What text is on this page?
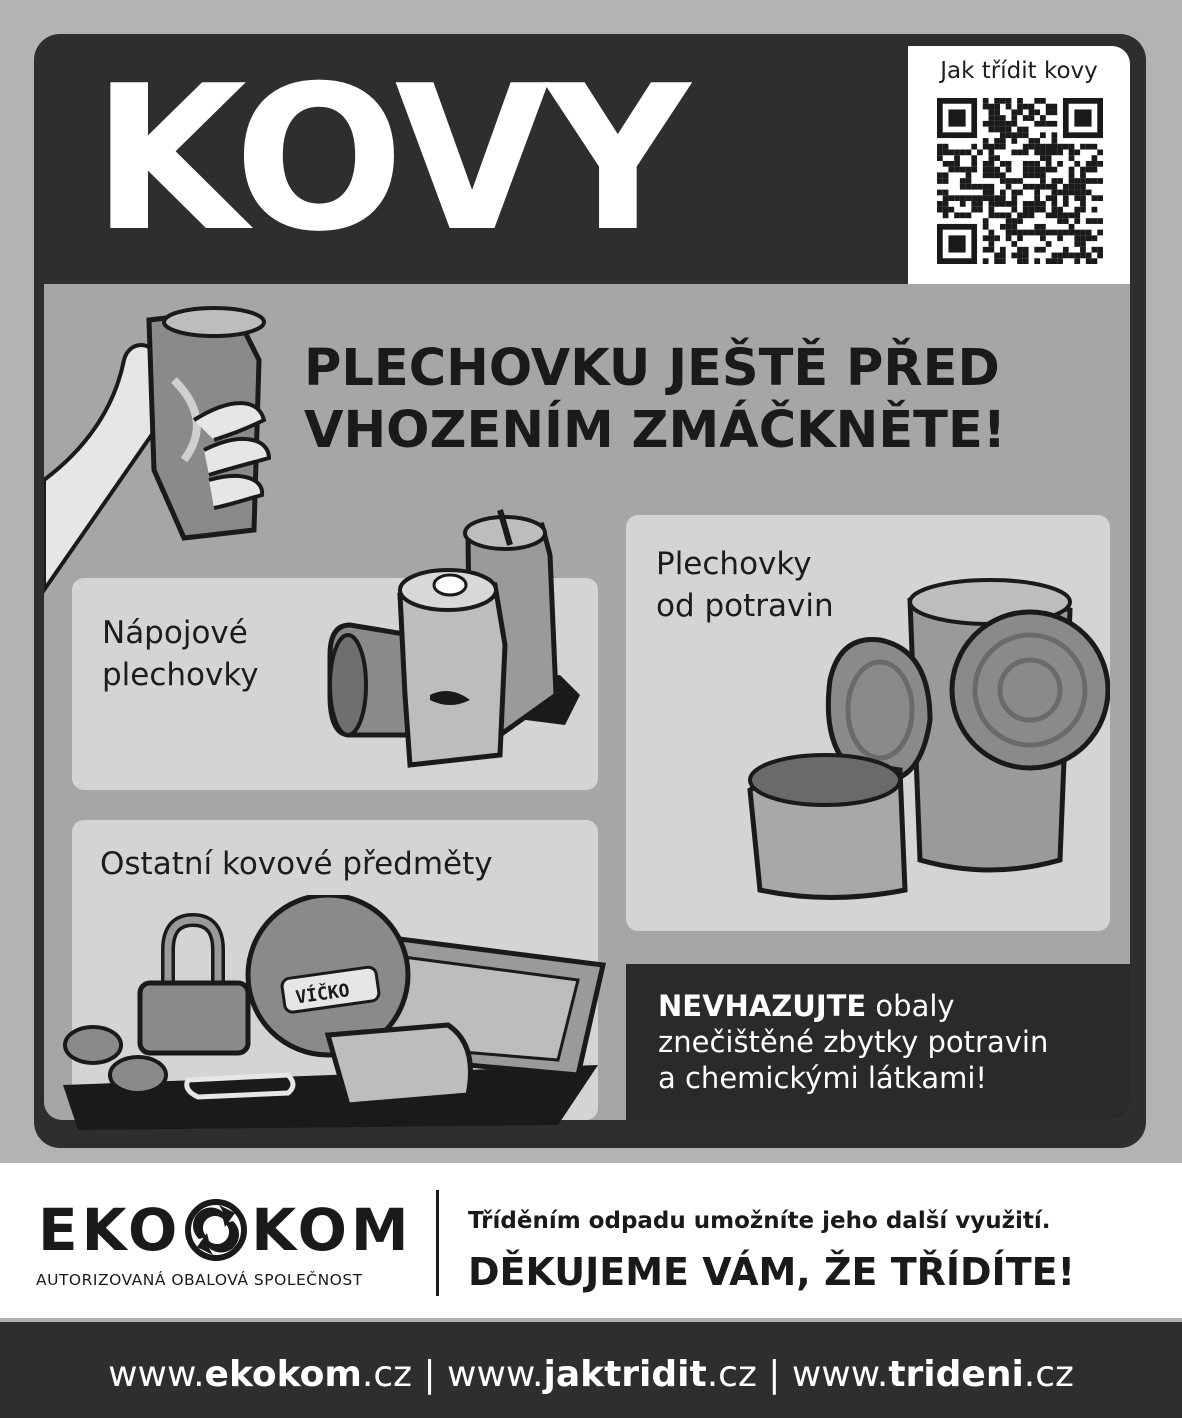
KOVY	Jak třídit kovy
PLECHOVKU JEŠTĚ PŘED
VHOZENÍM ZMÁČKNĚTE!
Nápojové
plechovky
Plechovky
od potravin
Ostatní kovové předměty
VÍČKO	NEVHAZUJTE obaly
znečištěné zbytky potravin
a chemickými látkami!
EKO KOM
AUTORIZOVANÁ OBALOVÁ SPOLEČNOST
Tříděním odpadu umožníte jeho další využití.
DĚKUJEME VÁM, ŽE TŘÍDÍTE!
www.ekokom.cz | www.jaktridit.cz | www.trideni.cz
